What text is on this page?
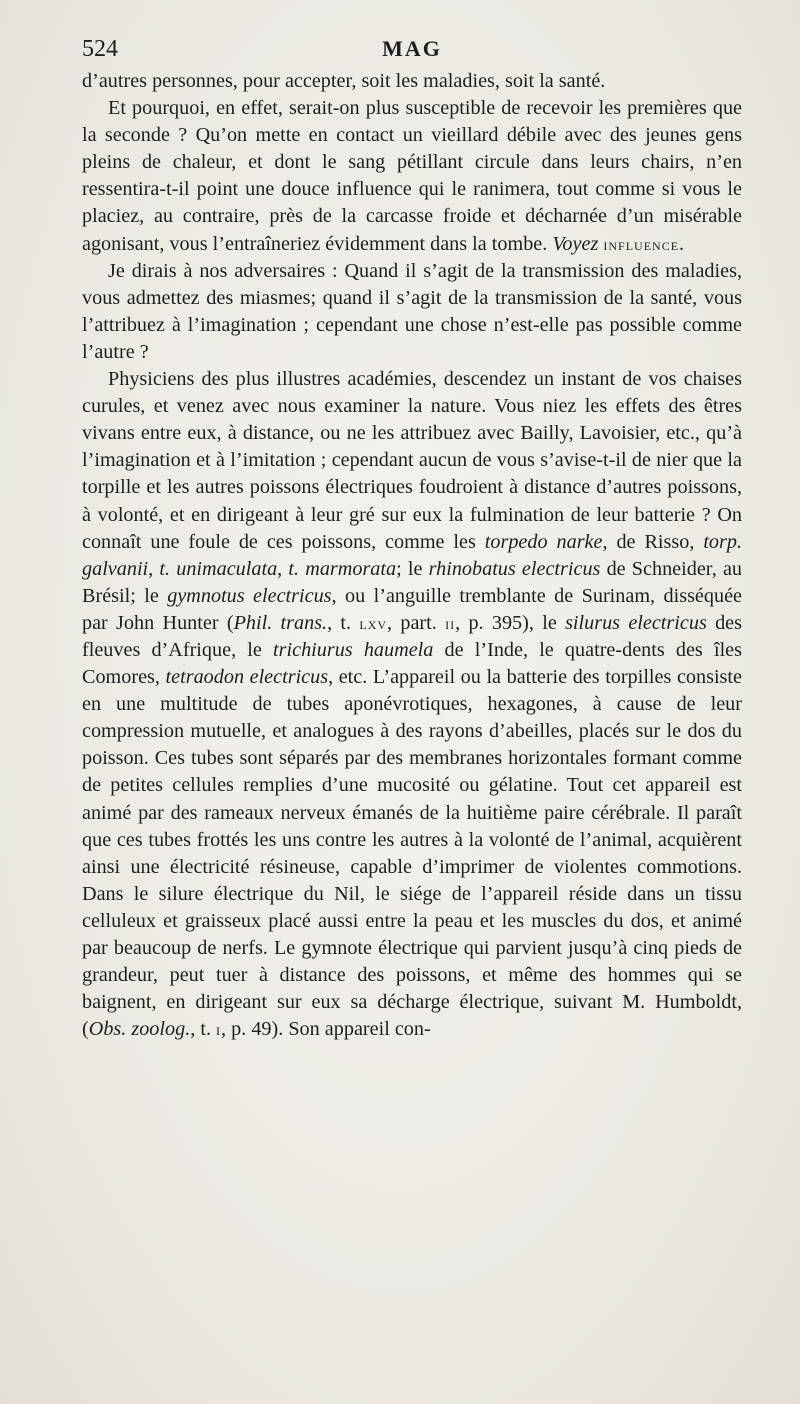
524	MAG

d’autres personnes, pour accepter, soit les maladies, soit la santé.

Et pourquoi, en effet, serait-on plus susceptible de recevoir les premières que la seconde ? Qu’on mette en contact un vieillard débile avec des jeunes gens pleins de chaleur, et dont le sang pétillant circule dans leurs chairs, n’en ressentira-t-il point une douce influence qui le ranimera, tout comme si vous le placiez, au contraire, près de la carcasse froide et décharnée d’un misérable agonisant, vous l’entraîneriez évidemment dans la tombe. Voyez influence.

Je dirais à nos adversaires : Quand il s’agit de la transmission des maladies, vous admettez des miasmes; quand il s’agit de la transmission de la santé, vous l’attribuez à l’imagination ; cependant une chose n’est-elle pas possible comme l’autre ?

Physiciens des plus illustres académies, descendez un instant de vos chaises curules, et venez avec nous examiner la nature. Vous niez les effets des êtres vivans entre eux, à distance, ou ne les attribuez avec Bailly, Lavoisier, etc., qu’à l’imagination et à l’imitation ; cependant aucun de vous s’avise-t-il de nier que la torpille et les autres poissons électriques foudroient à distance d’autres poissons, à volonté, et en dirigeant à leur gré sur eux la fulmination de leur batterie ? On connaît une foule de ces poissons, comme les torpedo narke, de Risso, torp. galvanii, t. unimaculata, t. marmorata; le rhinobatus electricus de Schneider, au Brésil; le gymnotus electricus, ou l’anguille tremblante de Surinam, disséquée par John Hunter (Phil. trans., t. lxv, part. ii, p. 395), le silurus electricus des fleuves d’Afrique, le trichiurus haumela de l’Inde, le quatre-dents des îles Comores, tetraodon electricus, etc. L’appareil ou la batterie des torpilles consiste en une multitude de tubes aponévrotiques, hexagones, à cause de leur compression mutuelle, et analogues à des rayons d’abeilles, placés sur le dos du poisson. Ces tubes sont séparés par des membranes horizontales formant comme de petites cellules remplies d’une mucosité ou gélatine. Tout cet appareil est animé par des rameaux nerveux émanés de la huitième paire cérébrale. Il paraît que ces tubes frottés les uns contre les autres à la volonté de l’animal, acquièrent ainsi une électricité résineuse, capable d’imprimer de violentes commotions. Dans le silure électrique du Nil, le siége de l’appareil réside dans un tissu celluleux et graisseux placé aussi entre la peau et les muscles du dos, et animé par beaucoup de nerfs. Le gymnote électrique qui parvient jusqu’à cinq pieds de grandeur, peut tuer à distance des poissons, et même des hommes qui se baignent, en dirigeant sur eux sa décharge électrique, suivant M. Humboldt, (Obs. zoolog., t. i, p. 49). Son appareil con-
